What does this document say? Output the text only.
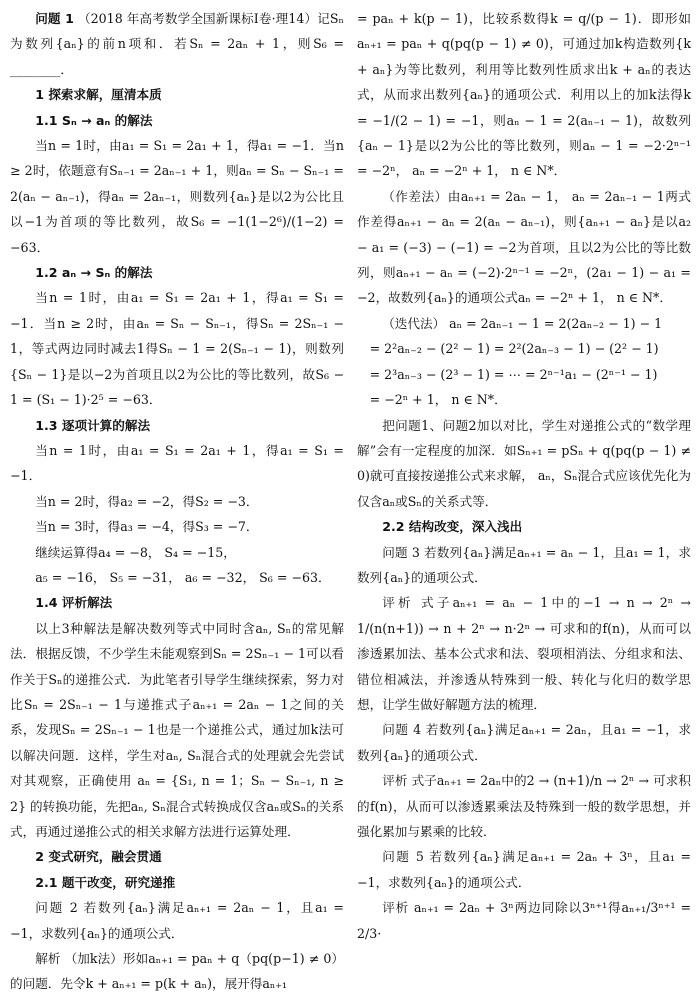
问题 1 （2018 年高考数学全国新课标Ⅰ卷·理14）记Sₙ为数列{aₙ}的前n项和．若Sₙ = 2aₙ + 1，则S₆ = ________．

1 探索求解，厘清本质

1.1 Sₙ → aₙ 的解法

当n = 1时，由a₁ = S₁ = 2a₁ + 1，得a₁ = −1．当n ≥ 2时，依题意有Sₙ₋₁ = 2aₙ₋₁ + 1，则aₙ = Sₙ − Sₙ₋₁ = 2(aₙ − aₙ₋₁)，得aₙ = 2aₙ₋₁，则数列{aₙ}是以2为公比且以−1为首项的等比数列，故S₆ = −1(1−2⁶)/(1−2) = −63．

1.2 aₙ → Sₙ 的解法

当n = 1时，由a₁ = S₁ = 2a₁ + 1，得a₁ = S₁ = −1．当n ≥ 2时，由aₙ = Sₙ − Sₙ₋₁，得Sₙ = 2Sₙ₋₁ − 1，等式两边同时减去1得Sₙ − 1 = 2(Sₙ₋₁ − 1)，则数列{Sₙ − 1}是以−2为首项且以2为公比的等比数列，故S₆ − 1 = (S₁ − 1)·2⁵ = −63．

1.3 逐项计算的解法

当n = 1时，由a₁ = S₁ = 2a₁ + 1，得a₁ = S₁ = −1．

当n = 2时，得a₂ = −2，得S₂ = −3．

当n = 3时，得a₃ = −4，得S₃ = −7．

继续运算得a₄ = −8， S₄ = −15，

a₅ = −16， S₅ = −31， a₆ = −32， S₆ = −63．

1.4 评析解法

以上3种解法是解决数列等式中同时含aₙ, Sₙ的常见解法．根据反馈，不少学生未能观察到Sₙ = 2Sₙ₋₁ − 1可以看作关于Sₙ的递推公式．为此笔者引导学生继续探索，努力对比Sₙ = 2Sₙ₋₁ − 1与递推式子aₙ₊₁ = 2aₙ − 1之间的关系，发现Sₙ = 2Sₙ₋₁ − 1也是一个递推公式，通过加k法可以解决问题．这样，学生对aₙ, Sₙ混合式的处理就会先尝试对其观察，正确使用 aₙ = {S₁, n = 1；Sₙ − Sₙ₋₁, n ≥ 2} 的转换功能，先把aₙ, Sₙ混合式转换成仅含aₙ或Sₙ的关系式，再通过递推公式的相关求解方法进行运算处理．

2 变式研究，融会贯通

2.1 题干改变，研究递推

问题 2 若数列{aₙ}满足aₙ₊₁ = 2aₙ − 1，且a₁ = −1，求数列{aₙ}的通项公式．

解析 （加k法）形如aₙ₊₁ = paₙ + q（pq(p−1) ≠ 0）的问题．先令k + aₙ₊₁ = p(k + aₙ)，展开得aₙ₊₁

= paₙ + k(p − 1)，比较系数得k = q/(p − 1)．即形如aₙ₊₁ = paₙ + q(pq(p − 1) ≠ 0)，可通过加k构造数列{k + aₙ}为等比数列，利用等比数列性质求出k + aₙ的表达式，从而求出数列{aₙ}的通项公式．利用以上的加k法得k = −1/(2 − 1) = −1，则aₙ − 1 = 2(aₙ₋₁ − 1)，故数列{aₙ − 1}是以2为公比的等比数列，则aₙ − 1 = −2·2ⁿ⁻¹ = −2ⁿ， aₙ = −2ⁿ + 1， n ∈ N*．

（作差法）由aₙ₊₁ = 2aₙ − 1， aₙ = 2aₙ₋₁ − 1两式作差得aₙ₊₁ − aₙ = 2(aₙ − aₙ₋₁)，则{aₙ₊₁ − aₙ}是以a₂ − a₁ = (−3) − (−1) = −2为首项，且以2为公比的等比数列，则aₙ₊₁ − aₙ = (−2)·2ⁿ⁻¹ = −2ⁿ，(2a₁ − 1) − a₁ = −2，故数列{aₙ}的通项公式aₙ = −2ⁿ + 1， n ∈ N*．

（迭代法） aₙ = 2aₙ₋₁ − 1 = 2(2aₙ₋₂ − 1) − 1

= 2²aₙ₋₂ − (2² − 1) = 2²(2aₙ₋₃ − 1) − (2² − 1)

= 2³aₙ₋₃ − (2³ − 1) = ⋯ = 2ⁿ⁻¹a₁ − (2ⁿ⁻¹ − 1)

= −2ⁿ + 1， n ∈ N*．

把问题1、问题2加以对比，学生对递推公式的“数学理解”会有一定程度的加深．如Sₙ₊₁ = pSₙ + q(pq(p − 1) ≠ 0)就可直接按递推公式来求解， aₙ，Sₙ混合式应该优先化为仅含aₙ或Sₙ的关系式等．

2.2 结构改变，深入浅出

问题 3 若数列{aₙ}满足aₙ₊₁ = aₙ − 1，且a₁ = 1，求数列{aₙ}的通项公式．

评析 式子aₙ₊₁ = aₙ − 1中的−1 → n → 2ⁿ → 1/(n(n+1)) → n + 2ⁿ → n·2ⁿ → 可求和的f(n)，从而可以渗透累加法、基本公式求和法、裂项相消法、分组求和法、错位相减法，并渗透从特殊到一般、转化与化归的数学思想，让学生做好解题方法的梳理．

问题 4 若数列{aₙ}满足aₙ₊₁ = 2aₙ，且a₁ = −1，求数列{aₙ}的通项公式．

评析 式子aₙ₊₁ = 2aₙ中的2 → (n+1)/n → 2ⁿ → 可求积的f(n)，从而可以渗透累乘法及特殊到一般的数学思想，并强化累加与累乘的比较．

问题 5 若数列{aₙ}满足aₙ₊₁ = 2aₙ + 3ⁿ，且a₁ = −1，求数列{aₙ}的通项公式．

评析 aₙ₊₁ = 2aₙ + 3ⁿ两边同除以3ⁿ⁺¹得aₙ₊₁/3ⁿ⁺¹ = 2/3·
